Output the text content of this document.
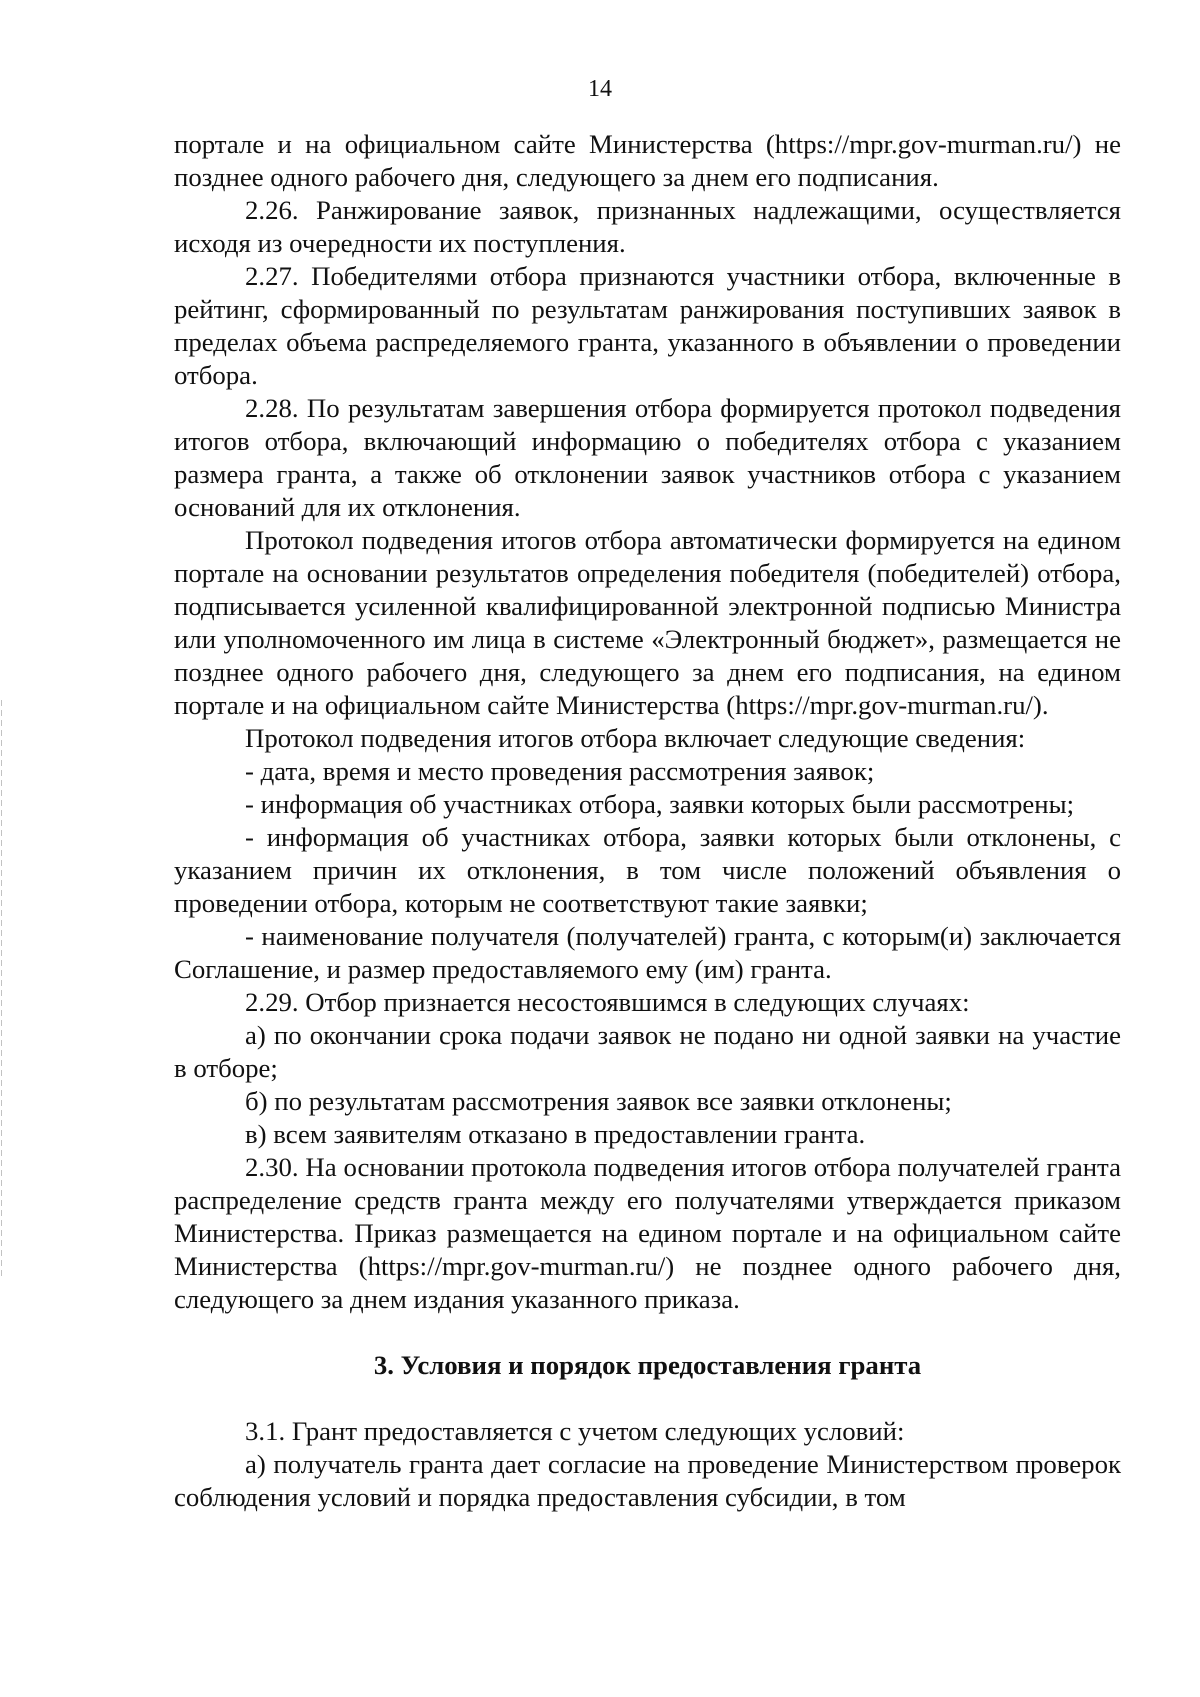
14

порталe и на официальном сайте Министерства (https://mpr.gov-murman.ru/) не позднее одного рабочего дня, следующего за днем его подписания.

2.26. Ранжирование заявок, признанных надлежащими, осуществляется исходя из очередности их поступления.

2.27. Победителями отбора признаются участники отбора, включенные в рейтинг, сформированный по результатам ранжирования поступивших заявок в пределах объема распределяемого гранта, указанного в объявлении о проведении отбора.

2.28. По результатам завершения отбора формируется протокол подведения итогов отбора, включающий информацию о победителях отбора с указанием размера гранта, а также об отклонении заявок участников отбора с указанием оснований для их отклонения.

Протокол подведения итогов отбора автоматически формируется на едином портале на основании результатов определения победителя (победителей) отбора, подписывается усиленной квалифицированной электронной подписью Министра или уполномоченного им лица в системе «Электронный бюджет», размещается не позднее одного рабочего дня, следующего за днем его подписания, на едином портале и на официальном сайте Министерства (https://mpr.gov-murman.ru/).

Протокол подведения итогов отбора включает следующие сведения:

- дата, время и место проведения рассмотрения заявок;

- информация об участниках отбора, заявки которых были рассмотрены;

- информация об участниках отбора, заявки которых были отклонены, с указанием причин их отклонения, в том числе положений объявления о проведении отбора, которым не соответствуют такие заявки;

- наименование получателя (получателей) гранта, с которым(и) заключается Соглашение, и размер предоставляемого ему (им) гранта.

2.29. Отбор признается несостоявшимся в следующих случаях:

а) по окончании срока подачи заявок не подано ни одной заявки на участие в отборе;

б) по результатам рассмотрения заявок все заявки отклонены;

в) всем заявителям отказано в предоставлении гранта.

2.30. На основании протокола подведения итогов отбора получателей гранта распределение средств гранта между его получателями утверждается приказом Министерства. Приказ размещается на едином портале и на официальном сайте Министерства (https://mpr.gov-murman.ru/) не позднее одного рабочего дня, следующего за днем издания указанного приказа.

3. Условия и порядок предоставления гранта

3.1. Грант предоставляется с учетом следующих условий:

а) получатель гранта дает согласие на проведение Министерством проверок соблюдения условий и порядка предоставления субсидии, в том
